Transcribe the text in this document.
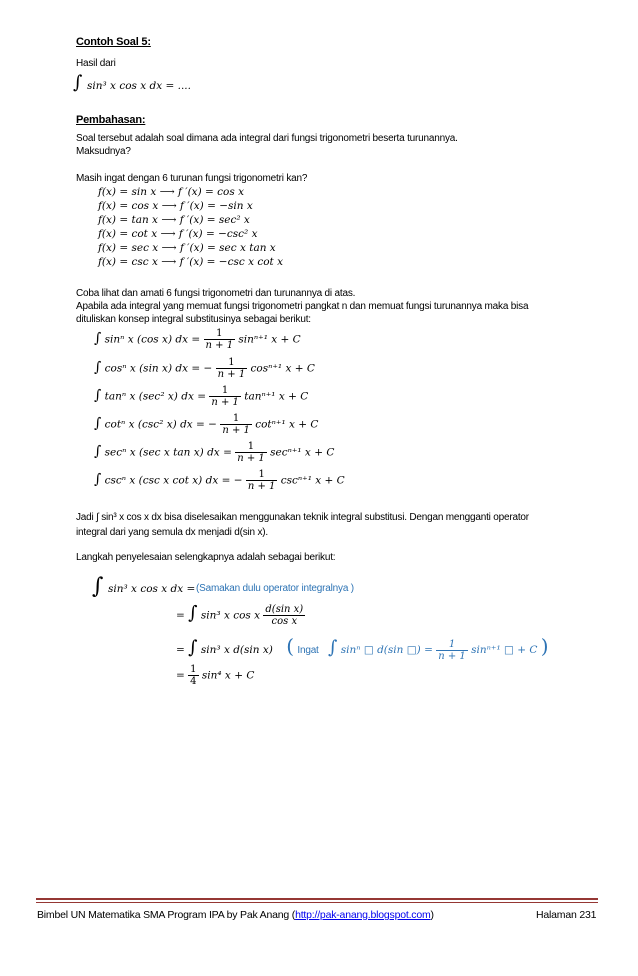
Contoh Soal 5:
Hasil dari
∫ sin³ x cos x dx = ....
Pembahasan:
Soal tersebut adalah soal dimana ada integral dari fungsi trigonometri beserta turunannya.
Maksudnya?
Masih ingat dengan 6 turunan fungsi trigonometri kan?
f(x) = sin x ⟶ f ′(x) = cos x
f(x) = cos x ⟶ f ′(x) = −sin x
f(x) = tan x ⟶ f ′(x) = sec² x
f(x) = cot x ⟶ f ′(x) = −csc² x
f(x) = sec x ⟶ f ′(x) = sec x tan x
f(x) = csc x ⟶ f ′(x) = −csc x cot x
Coba lihat dan amati 6 fungsi trigonometri dan turunannya di atas.
Apabila ada integral yang memuat fungsi trigonometri pangkat n dan memuat fungsi turunannya maka bisa
dituliskan konsep integral substitusinya sebagai berikut:
∫ sinⁿ x (cos x) dx = $\frac{1}{n + 1} \sin^{n+1}$ x + C
∫ cosⁿ x (sin x) dx = − $\frac{1}{n + 1} \cos^{n+1}$ x + C
∫ tanⁿ x (sec² x) dx = $\frac{1}{n + 1} \tan^{n+1}$ x + C
∫ cotⁿ x (csc² x) dx = − $\frac{1}{n + 1} \cot^{n+1}$ x + C
∫ secⁿ x (sec x tan x) dx = $\frac{1}{n + 1} \sec^{n+1}$ x + C
∫ cscⁿ x (csc x cot x) dx = − $\frac{1}{n + 1} \csc^{n+1}$ x + C
Jadi ∫ sin³ x cos x dx bisa diselesaikan menggunakan teknik integral substitusi. Dengan mengganti operator
integral dari yang semula dx menjadi d(sin x).
Langkah penyelesaian selengkapnya adalah sebagai berikut:
∫ sin³ x cos x dx = (Samakan dulu operator integralnya )
= ∫ sin³ x cos x $\frac{\text{d(sin x)}}{\text{cos x}}$
= ∫ sin³ x d(sin x) ( Ingat ∫ sinⁿ □ d(sin □) = $\frac{1}{n + 1} \sin^{n+1}$ □ + C )
= $\frac{1}{4} \sin^4$ x + C
Bimbel UN Matematika SMA Program IPA by Pak Anang (http://pak-anang.blogspot.com)	Halaman 231
